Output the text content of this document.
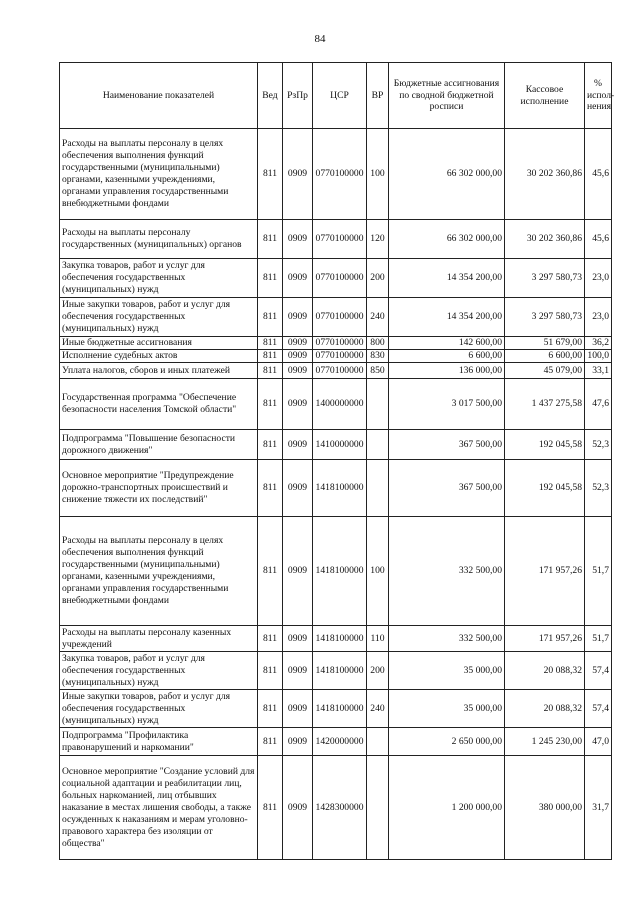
84
Наименование показателей	Вед	РзПр	ЦСР	ВР	Бюджетные ассигнования по сводной бюджетной росписи	Кассовое исполнение	% испол-нения
Расходы на выплаты персоналу в целях обеспечения выполнения функций государственными (муниципальными) органами, казенными учреждениями, органами управления государственными внебюджетными фондами	811	0909	0770100000	100	66 302 000,00	30 202 360,86	45,6
Расходы на выплаты персоналу государственных (муниципальных) органов	811	0909	0770100000	120	66 302 000,00	30 202 360,86	45,6
Закупка товаров, работ и услуг для обеспечения государственных (муниципальных) нужд	811	0909	0770100000	200	14 354 200,00	3 297 580,73	23,0
Иные закупки товаров, работ и услуг для обеспечения государственных (муниципальных) нужд	811	0909	0770100000	240	14 354 200,00	3 297 580,73	23,0
Иные бюджетные ассигнования	811	0909	0770100000	800	142 600,00	51 679,00	36,2
Исполнение судебных актов	811	0909	0770100000	830	6 600,00	6 600,00	100,0
Уплата налогов, сборов и иных платежей	811	0909	0770100000	850	136 000,00	45 079,00	33,1
Государственная программа "Обеспечение безопасности населения Томской области"	811	0909	1400000000		3 017 500,00	1 437 275,58	47,6
Подпрограмма "Повышение безопасности дорожного движения"	811	0909	1410000000		367 500,00	192 045,58	52,3
Основное мероприятие "Предупреждение дорожно-транспортных происшествий и снижение тяжести их последствий"	811	0909	1418100000		367 500,00	192 045,58	52,3
Расходы на выплаты персоналу в целях обеспечения выполнения функций государственными (муниципальными) органами, казенными учреждениями, органами управления государственными внебюджетными фондами	811	0909	1418100000	100	332 500,00	171 957,26	51,7
Расходы на выплаты персоналу казенных учреждений	811	0909	1418100000	110	332 500,00	171 957,26	51,7
Закупка товаров, работ и услуг для обеспечения государственных (муниципальных) нужд	811	0909	1418100000	200	35 000,00	20 088,32	57,4
Иные закупки товаров, работ и услуг для обеспечения государственных (муниципальных) нужд	811	0909	1418100000	240	35 000,00	20 088,32	57,4
Подпрограмма "Профилактика правонарушений и наркомании"	811	0909	1420000000		2 650 000,00	1 245 230,00	47,0
Основное мероприятие "Создание условий для социальной адаптации и реабилитации лиц, больных наркоманией, лиц отбывших наказание в местах лишения свободы, а также осужденных к наказаниям и мерам уголовно-правового характера без изоляции от общества"	811	0909	1428300000		1 200 000,00	380 000,00	31,7
